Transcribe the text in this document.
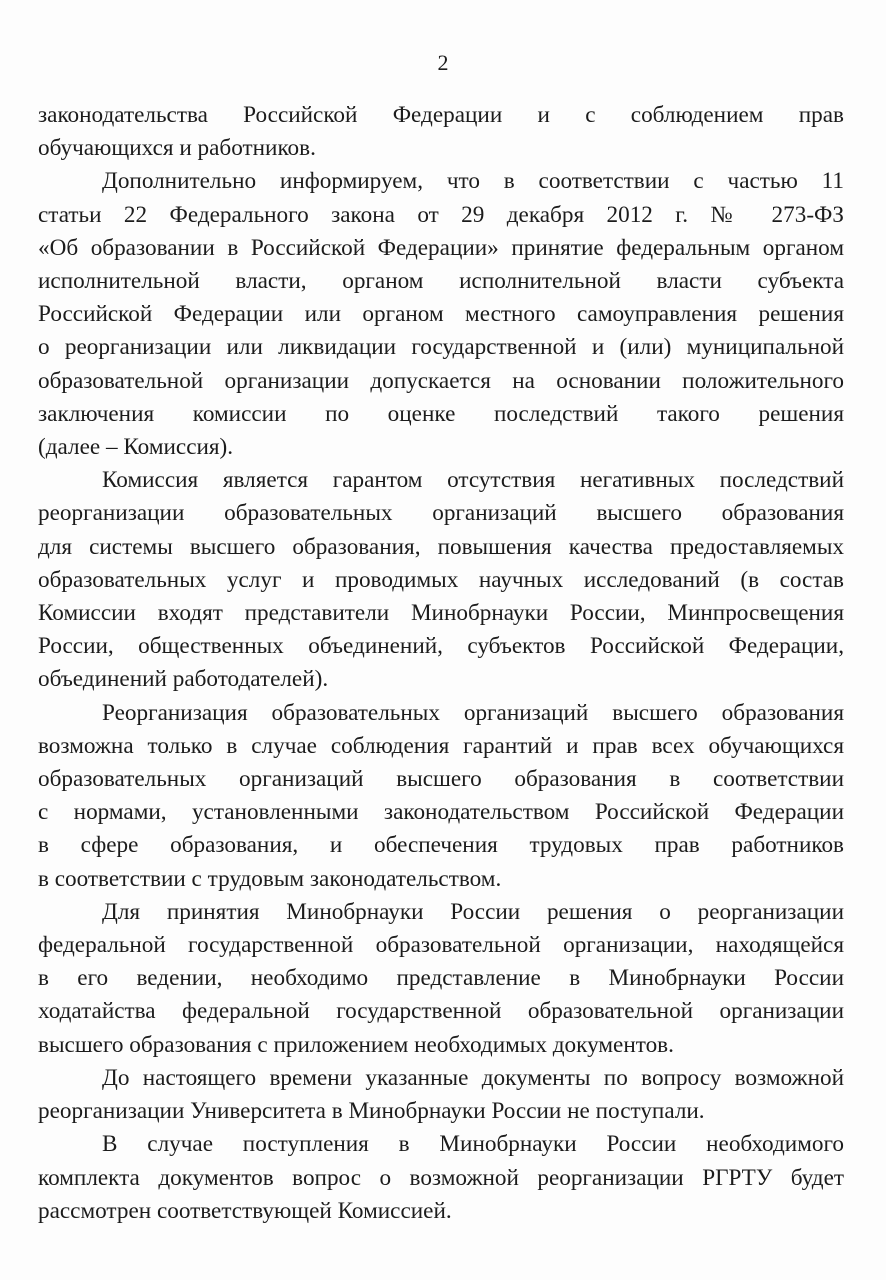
2
законодательства Российской Федерации и с соблюдением прав
обучающихся и работников.
Дополнительно информируем, что в соответствии с частью 11
статьи 22 Федерального закона от 29 декабря 2012 г. № 273-ФЗ
«Об образовании в Российской Федерации» принятие федеральным органом
исполнительной власти, органом исполнительной власти субъекта
Российской Федерации или органом местного самоуправления решения
о реорганизации или ликвидации государственной и (или) муниципальной
образовательной организации допускается на основании положительного
заключения комиссии по оценке последствий такого решения
(далее – Комиссия).
Комиссия является гарантом отсутствия негативных последствий
реорганизации образовательных организаций высшего образования
для системы высшего образования, повышения качества предоставляемых
образовательных услуг и проводимых научных исследований (в состав
Комиссии входят представители Минобрнауки России, Минпросвещения
России, общественных объединений, субъектов Российской Федерации,
объединений работодателей).
Реорганизация образовательных организаций высшего образования
возможна только в случае соблюдения гарантий и прав всех обучающихся
образовательных организаций высшего образования в соответствии
с нормами, установленными законодательством Российской Федерации
в сфере образования, и обеспечения трудовых прав работников
в соответствии с трудовым законодательством.
Для принятия Минобрнауки России решения о реорганизации
федеральной государственной образовательной организации, находящейся
в его ведении, необходимо представление в Минобрнауки России
ходатайства федеральной государственной образовательной организации
высшего образования с приложением необходимых документов.
До настоящего времени указанные документы по вопросу возможной
реорганизации Университета в Минобрнауки России не поступали.
В случае поступления в Минобрнауки России необходимого
комплекта документов вопрос о возможной реорганизации РГРТУ будет
рассмотрен соответствующей Комиссией.
